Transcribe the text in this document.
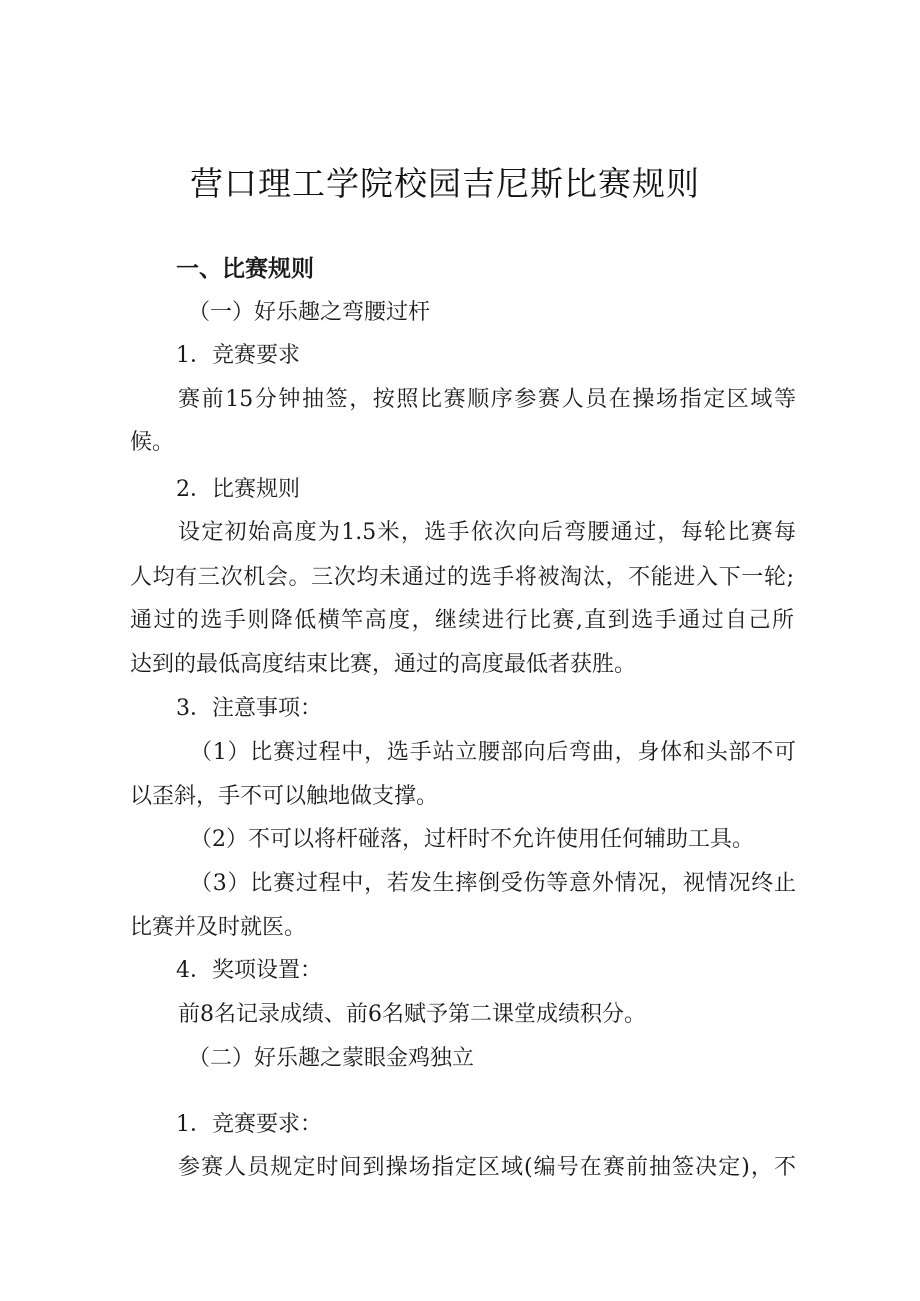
营口理工学院校园吉尼斯比赛规则
一、比赛规则
（一）好乐趣之弯腰过杆
1．竞赛要求
赛前15分钟抽签，按照比赛顺序参赛人员在操场指定区域等
候。
2．比赛规则
设定初始高度为1.5米，选手依次向后弯腰通过，每轮比赛每
人均有三次机会。三次均未通过的选手将被淘汰，不能进入下一轮;
通过的选手则降低横竿高度，继续进行比赛,直到选手通过自己所
达到的最低高度结束比赛，通过的高度最低者获胜。
3．注意事项：
（1）比赛过程中，选手站立腰部向后弯曲，身体和头部不可
以歪斜，手不可以触地做支撑。
（2）不可以将杆碰落，过杆时不允许使用任何辅助工具。
（3）比赛过程中，若发生摔倒受伤等意外情况，视情况终止
比赛并及时就医。
4．奖项设置：
前8名记录成绩、前6名赋予第二课堂成绩积分。
（二）好乐趣之蒙眼金鸡独立
1．竞赛要求：
参赛人员规定时间到操场指定区域(编号在赛前抽签决定)，不
